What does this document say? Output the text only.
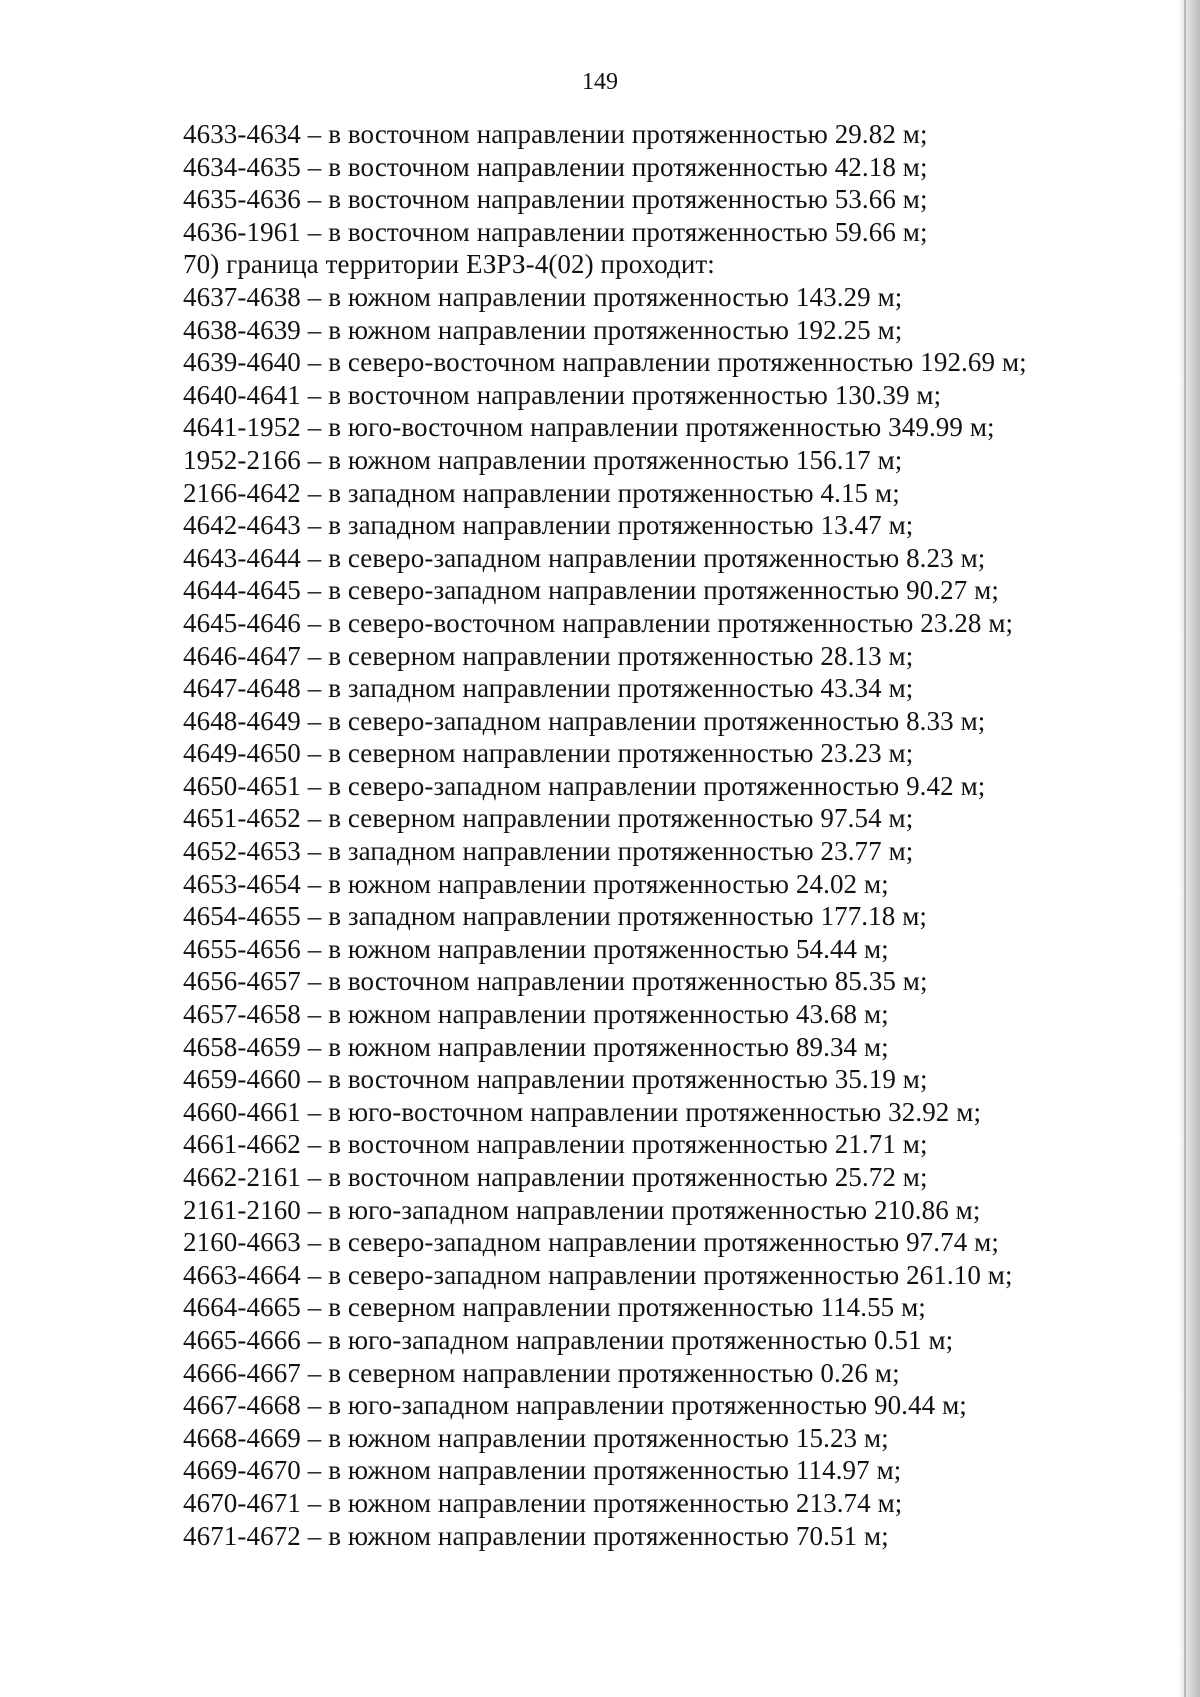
149
4633-4634 – в восточном направлении протяженностью 29.82 м;
4634-4635 – в восточном направлении протяженностью 42.18 м;
4635-4636 – в восточном направлении протяженностью 53.66 м;
4636-1961 – в восточном направлении протяженностью 59.66 м;
70) граница территории ЕЗРЗ-4(02) проходит:
4637-4638 – в южном направлении протяженностью 143.29 м;
4638-4639 – в южном направлении протяженностью 192.25 м;
4639-4640 – в северо-восточном направлении протяженностью 192.69 м;
4640-4641 – в восточном направлении протяженностью 130.39 м;
4641-1952 – в юго-восточном направлении протяженностью 349.99 м;
1952-2166 – в южном направлении протяженностью 156.17 м;
2166-4642 – в западном направлении протяженностью 4.15 м;
4642-4643 – в западном направлении протяженностью 13.47 м;
4643-4644 – в северо-западном направлении протяженностью 8.23 м;
4644-4645 – в северо-западном направлении протяженностью 90.27 м;
4645-4646 – в северо-восточном направлении протяженностью 23.28 м;
4646-4647 – в северном направлении протяженностью 28.13 м;
4647-4648 – в западном направлении протяженностью 43.34 м;
4648-4649 – в северо-западном направлении протяженностью 8.33 м;
4649-4650 – в северном направлении протяженностью 23.23 м;
4650-4651 – в северо-западном направлении протяженностью 9.42 м;
4651-4652 – в северном направлении протяженностью 97.54 м;
4652-4653 – в западном направлении протяженностью 23.77 м;
4653-4654 – в южном направлении протяженностью 24.02 м;
4654-4655 – в западном направлении протяженностью 177.18 м;
4655-4656 – в южном направлении протяженностью 54.44 м;
4656-4657 – в восточном направлении протяженностью 85.35 м;
4657-4658 – в южном направлении протяженностью 43.68 м;
4658-4659 – в южном направлении протяженностью 89.34 м;
4659-4660 – в восточном направлении протяженностью 35.19 м;
4660-4661 – в юго-восточном направлении протяженностью 32.92 м;
4661-4662 – в восточном направлении протяженностью 21.71 м;
4662-2161 – в восточном направлении протяженностью 25.72 м;
2161-2160 – в юго-западном направлении протяженностью 210.86 м;
2160-4663 – в северо-западном направлении протяженностью 97.74 м;
4663-4664 – в северо-западном направлении протяженностью 261.10 м;
4664-4665 – в северном направлении протяженностью 114.55 м;
4665-4666 – в юго-западном направлении протяженностью 0.51 м;
4666-4667 – в северном направлении протяженностью 0.26 м;
4667-4668 – в юго-западном направлении протяженностью 90.44 м;
4668-4669 – в южном направлении протяженностью 15.23 м;
4669-4670 – в южном направлении протяженностью 114.97 м;
4670-4671 – в южном направлении протяженностью 213.74 м;
4671-4672 – в южном направлении протяженностью 70.51 м;
